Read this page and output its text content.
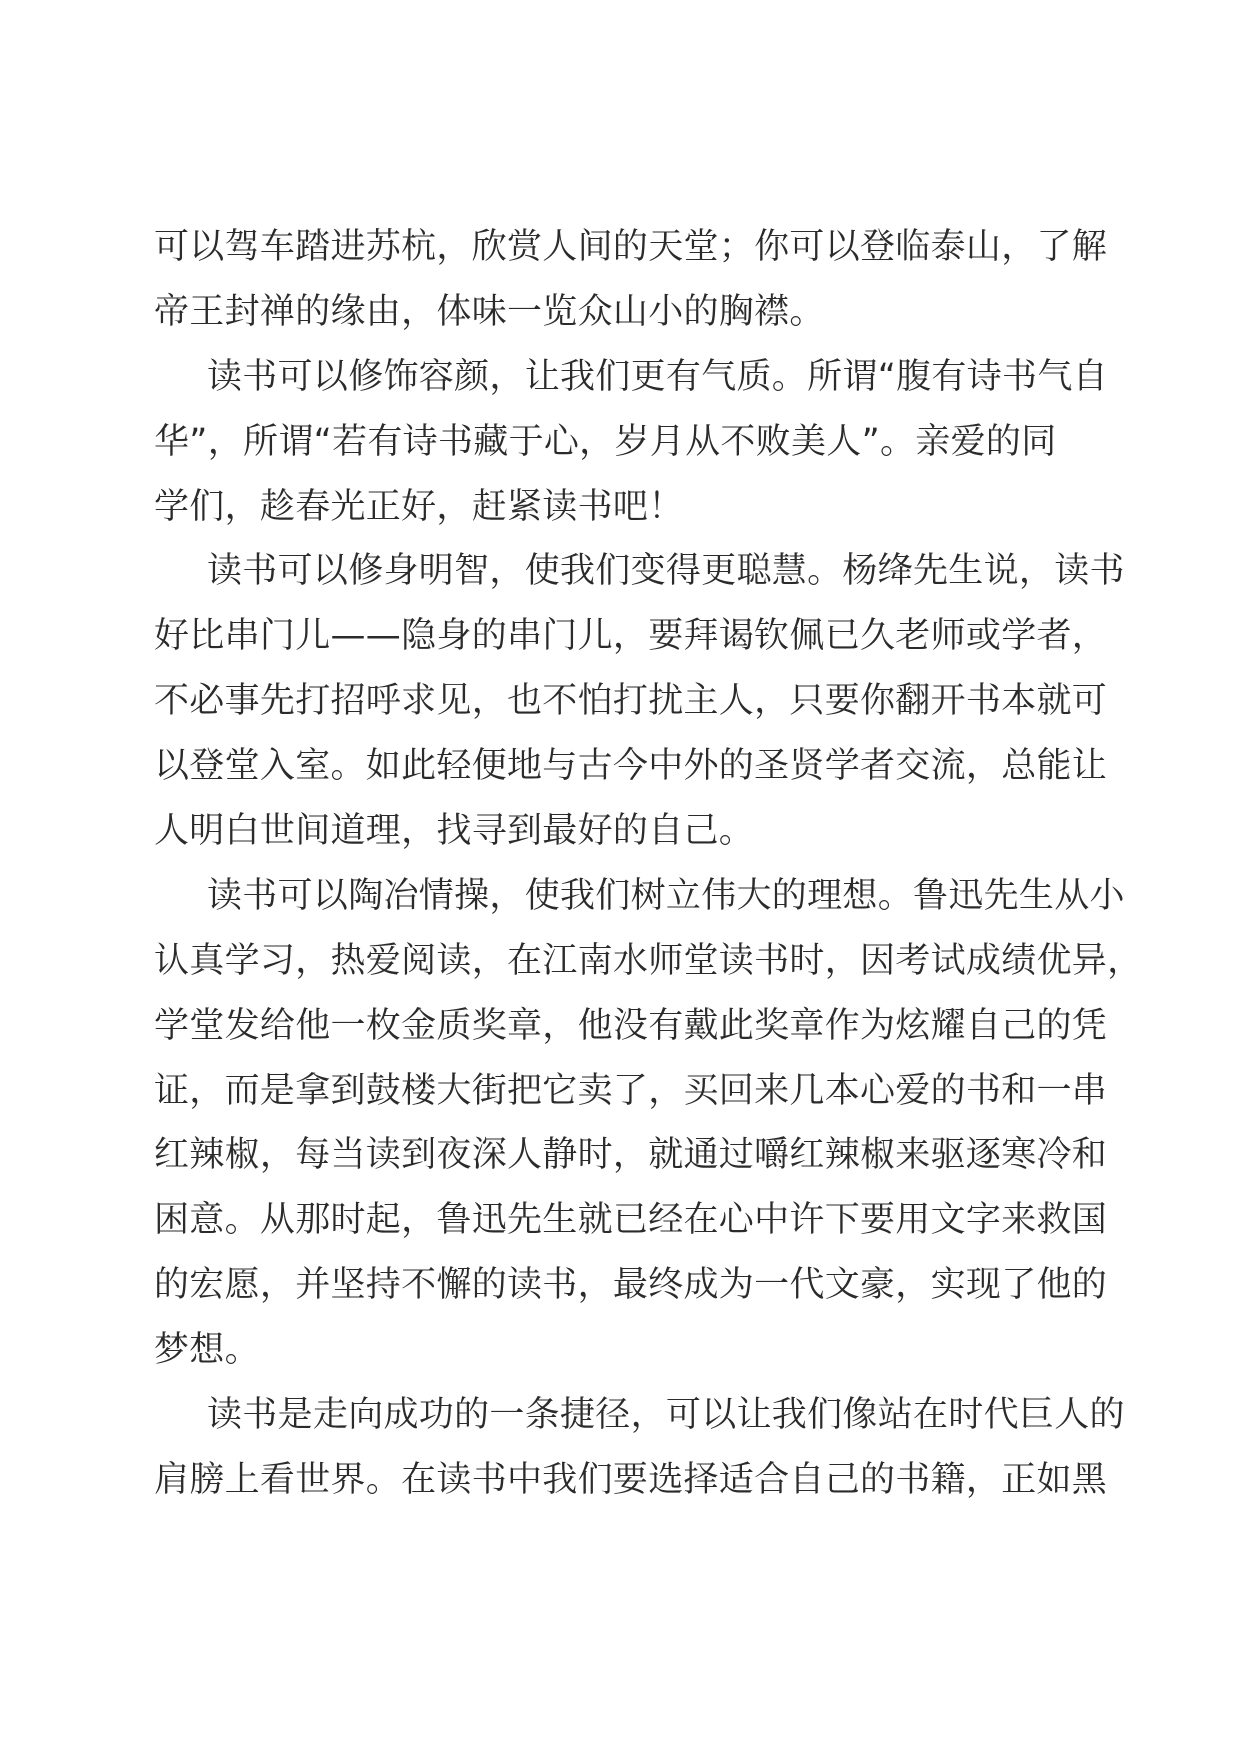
可以驾车踏进苏杭，欣赏人间的天堂；你可以登临泰山，了解
帝王封禅的缘由，体味一览众山小的胸襟。
读书可以修饰容颜，让我们更有气质。所谓“腹有诗书气自
华”，所谓“若有诗书藏于心，岁月从不败美人”。亲爱的同
学们，趁春光正好，赶紧读书吧！
读书可以修身明智，使我们变得更聪慧。杨绛先生说，读书
好比串门儿——隐身的串门儿，要拜谒钦佩已久老师或学者，
不必事先打招呼求见，也不怕打扰主人，只要你翻开书本就可
以登堂入室。如此轻便地与古今中外的圣贤学者交流，总能让
人明白世间道理，找寻到最好的自己。
读书可以陶冶情操，使我们树立伟大的理想。鲁迅先生从小
认真学习，热爱阅读，在江南水师堂读书时，因考试成绩优异，
学堂发给他一枚金质奖章，他没有戴此奖章作为炫耀自己的凭
证，而是拿到鼓楼大街把它卖了，买回来几本心爱的书和一串
红辣椒，每当读到夜深人静时，就通过嚼红辣椒来驱逐寒冷和
困意。从那时起，鲁迅先生就已经在心中许下要用文字来救国
的宏愿，并坚持不懈的读书，最终成为一代文豪，实现了他的
梦想。
读书是走向成功的一条捷径，可以让我们像站在时代巨人的
肩膀上看世界。在读书中我们要选择适合自己的书籍，正如黑
